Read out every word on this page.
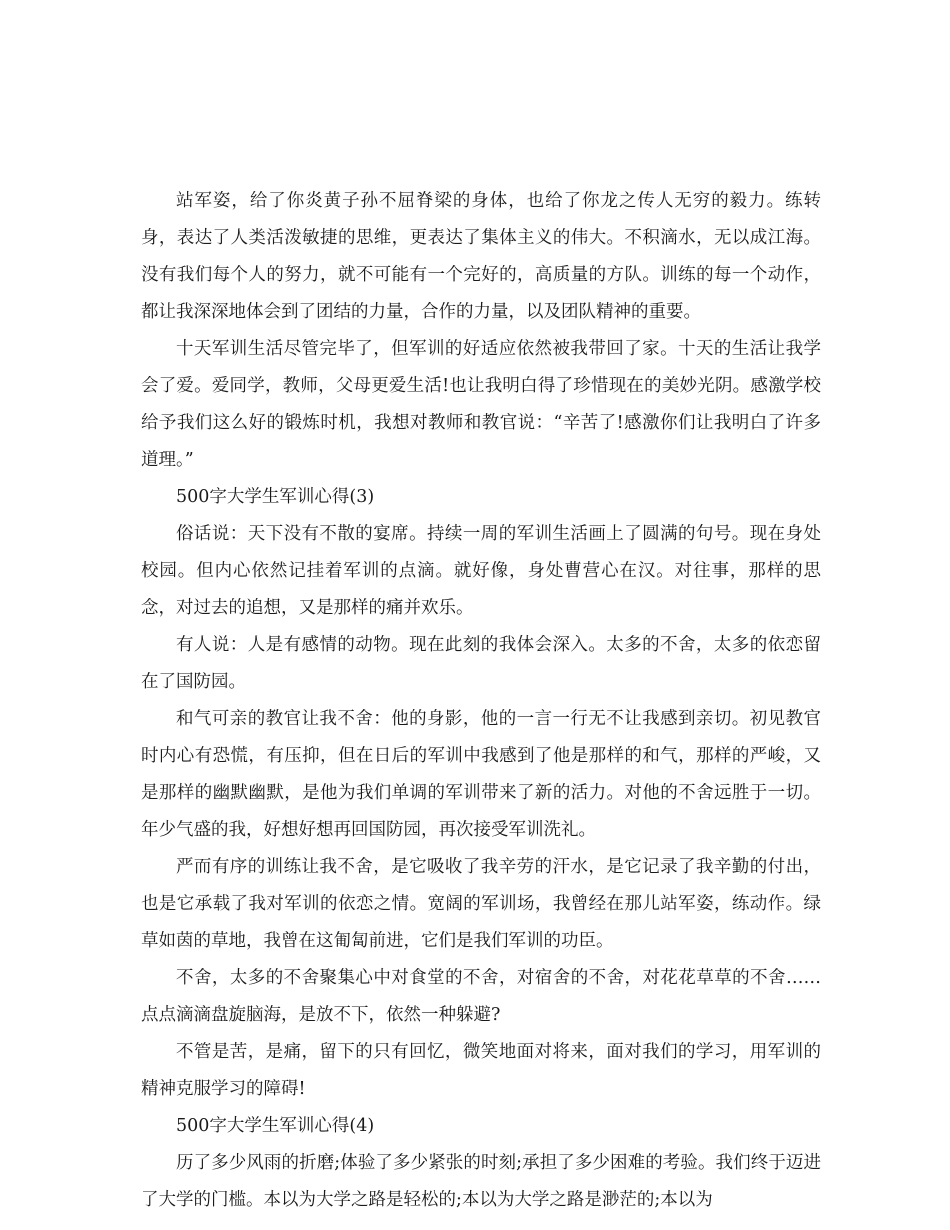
站军姿，给了你炎黄子孙不屈脊梁的身体，也给了你龙之传人无穷的毅力。练转身，表达了人类活泼敏捷的思维，更表达了集体主义的伟大。不积滴水，无以成江海。没有我们每个人的努力，就不可能有一个完好的，高质量的方队。训练的每一个动作，都让我深深地体会到了团结的力量，合作的力量，以及团队精神的重要。

十天军训生活尽管完毕了，但军训的好适应依然被我带回了家。十天的生活让我学会了爱。爱同学，教师，父母更爱生活!也让我明白得了珍惜现在的美妙光阴。感激学校给予我们这么好的锻炼时机，我想对教师和教官说：“辛苦了!感激你们让我明白了许多道理。”

500字大学生军训心得(3)

俗话说：天下没有不散的宴席。持续一周的军训生活画上了圆满的句号。现在身处校园。但内心依然记挂着军训的点滴。就好像，身处曹营心在汉。对往事，那样的思念，对过去的追想，又是那样的痛并欢乐。

有人说：人是有感情的动物。现在此刻的我体会深入。太多的不舍，太多的依恋留在了国防园。

和气可亲的教官让我不舍：他的身影，他的一言一行无不让我感到亲切。初见教官时内心有恐慌，有压抑，但在日后的军训中我感到了他是那样的和气，那样的严峻，又是那样的幽默幽默，是他为我们单调的军训带来了新的活力。对他的不舍远胜于一切。年少气盛的我，好想好想再回国防园，再次接受军训洗礼。

严而有序的训练让我不舍，是它吸收了我辛劳的汗水，是它记录了我辛勤的付出，也是它承载了我对军训的依恋之情。宽阔的军训场，我曾经在那儿站军姿，练动作。绿草如茵的草地，我曾在这匍匐前进，它们是我们军训的功臣。

不舍，太多的不舍聚集心中对食堂的不舍，对宿舍的不舍，对花花草草的不舍……点点滴滴盘旋脑海，是放不下，依然一种躲避?

不管是苦，是痛，留下的只有回忆，微笑地面对将来，面对我们的学习，用军训的精神克服学习的障碍!

500字大学生军训心得(4)

历了多少风雨的折磨;体验了多少紧张的时刻;承担了多少困难的考验。我们终于迈进了大学的门槛。本以为大学之路是轻松的;本以为大学之路是渺茫的;本以为
